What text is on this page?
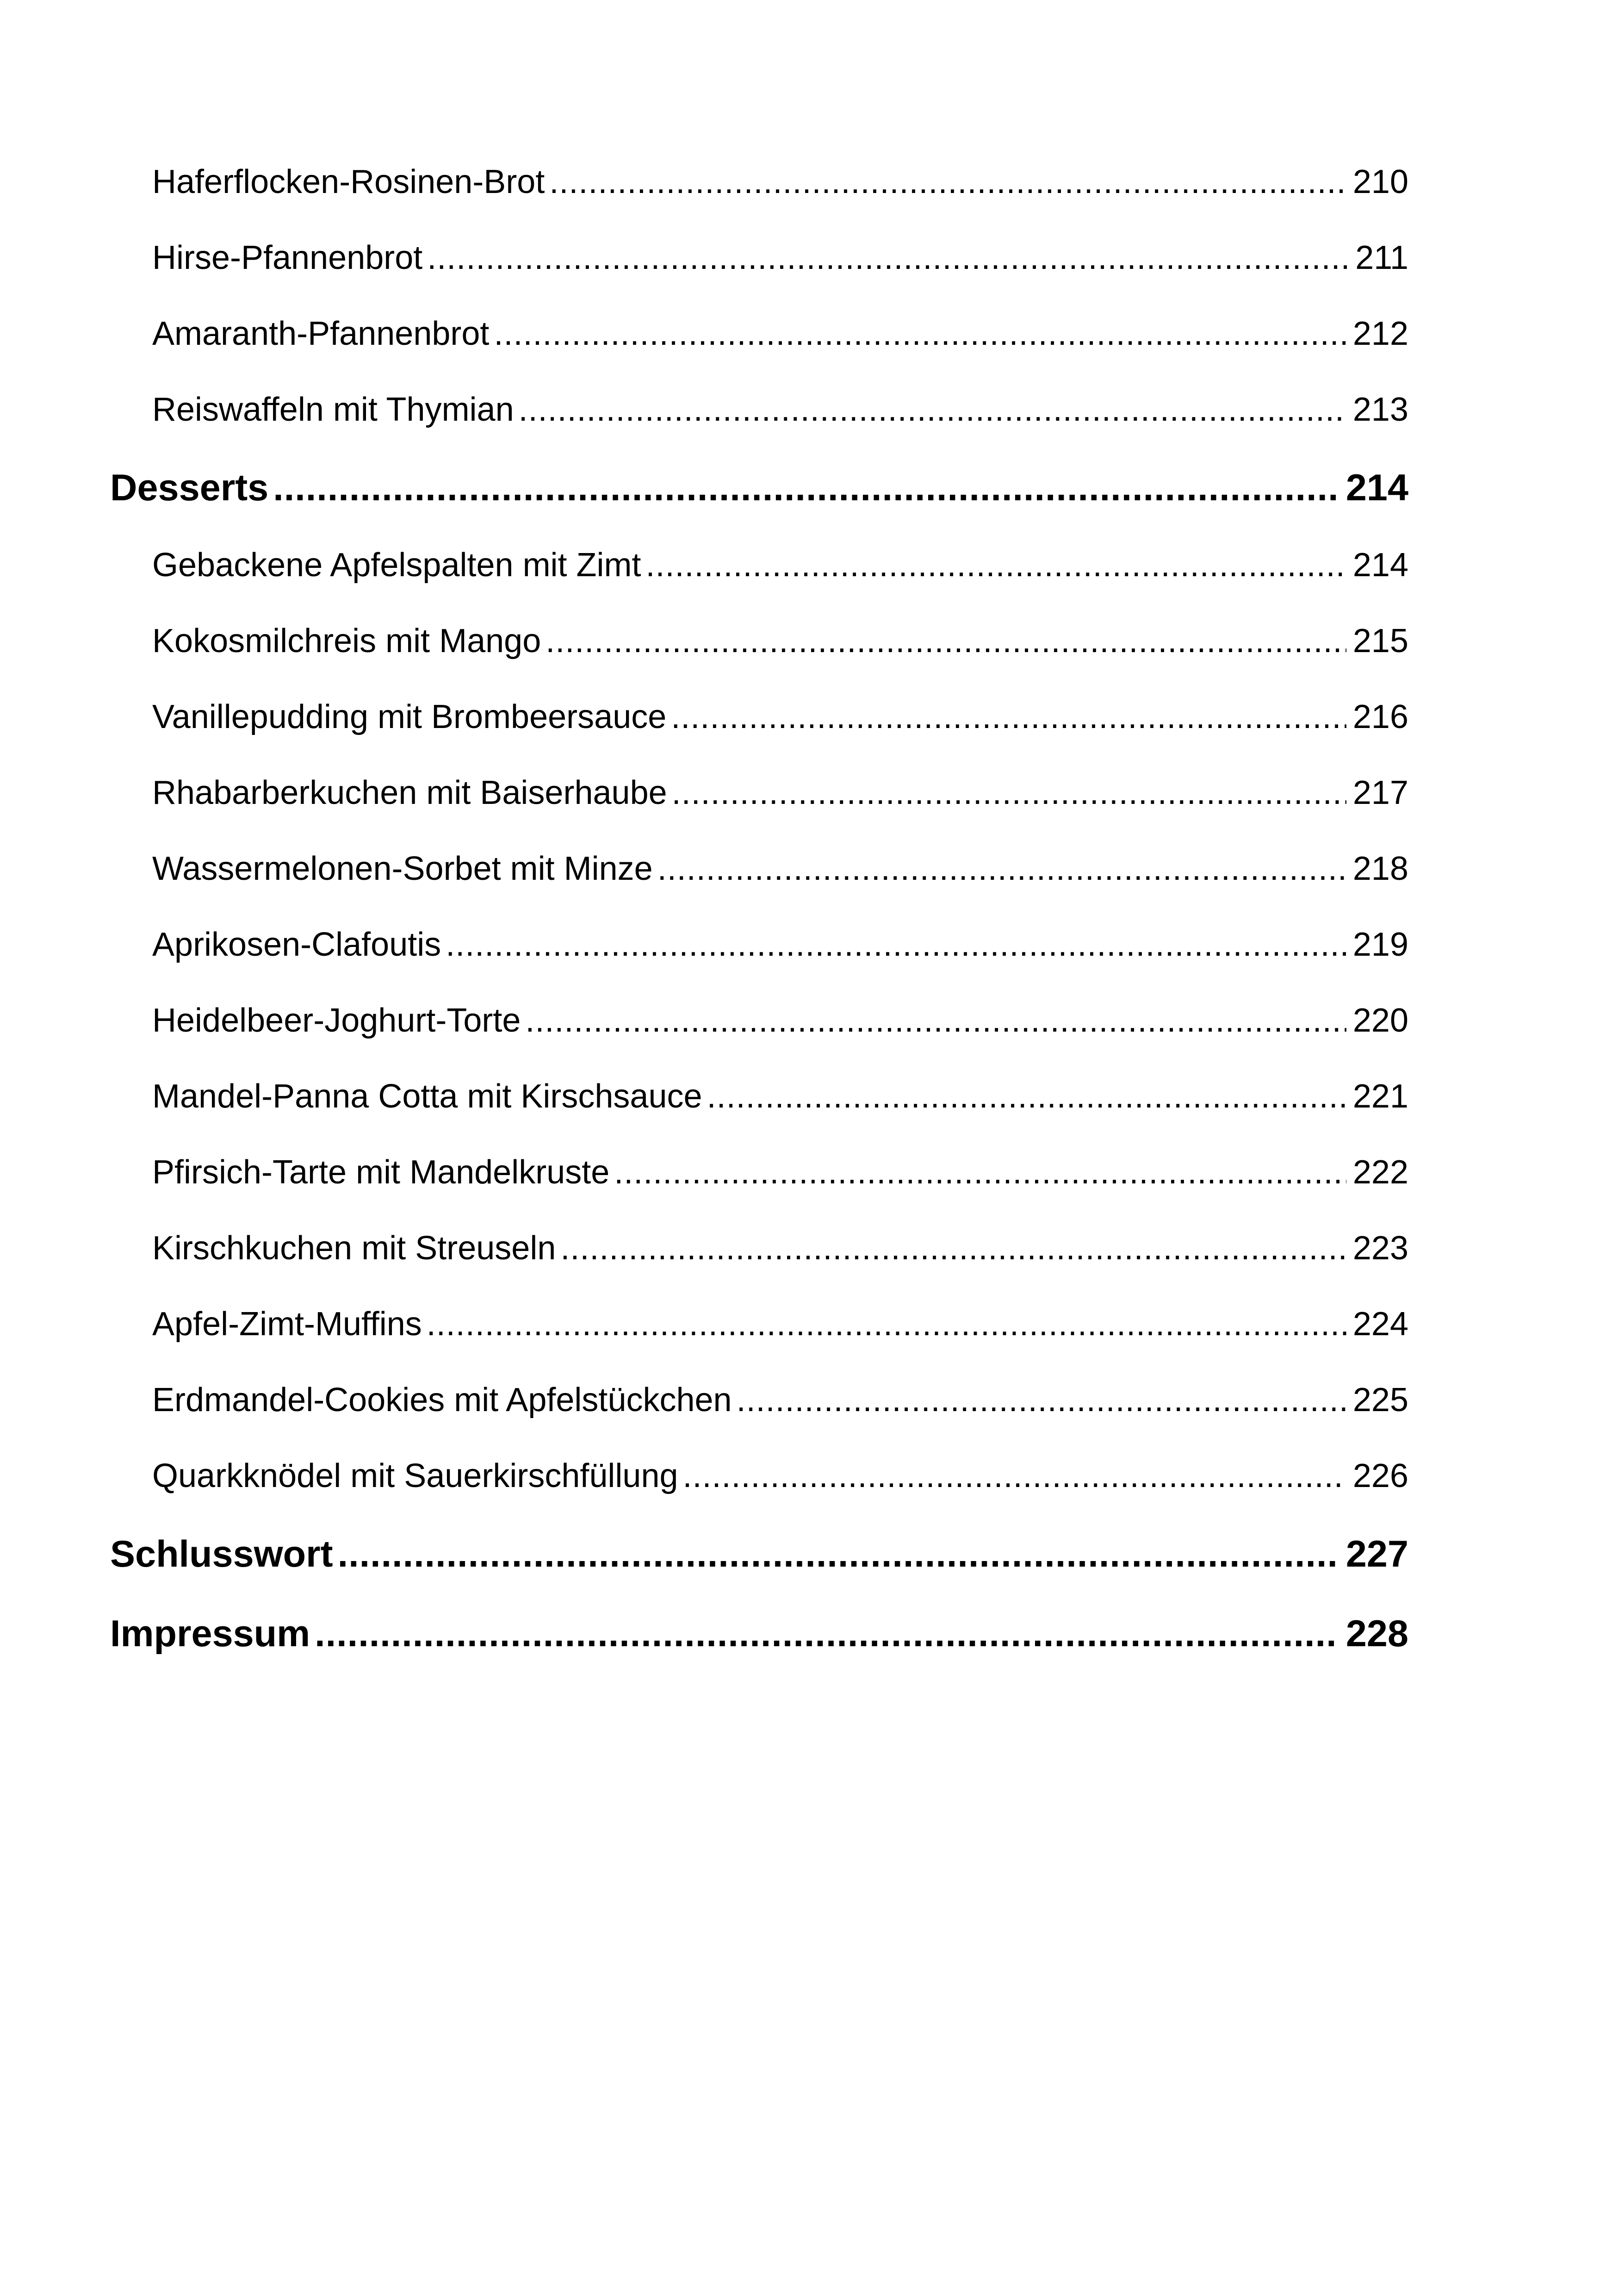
Haferflocken-Rosinen-Brot .....	210
Hirse-Pfannenbrot .....	211
Amaranth-Pfannenbrot .....	212
Reiswaffeln mit Thymian .....	213
Desserts .....	214
Gebackene Apfelspalten mit Zimt .....	214
Kokosmilchreis mit Mango .....	215
Vanillepudding mit Brombeersauce .....	216
Rhabarberkuchen mit Baiserhaube .....	217
Wassermelonen-Sorbet mit Minze .....	218
Aprikosen-Clafoutis .....	219
Heidelbeer-Joghurt-Torte .....	220
Mandel-Panna Cotta mit Kirschsauce .....	221
Pfirsich-Tarte mit Mandelkruste .....	222
Kirschkuchen mit Streuseln .....	223
Apfel-Zimt-Muffins .....	224
Erdmandel-Cookies mit Apfelstückchen .....	225
Quarkknödel mit Sauerkirschfüllung .....	226
Schlusswort .....	227
Impressum .....	228
